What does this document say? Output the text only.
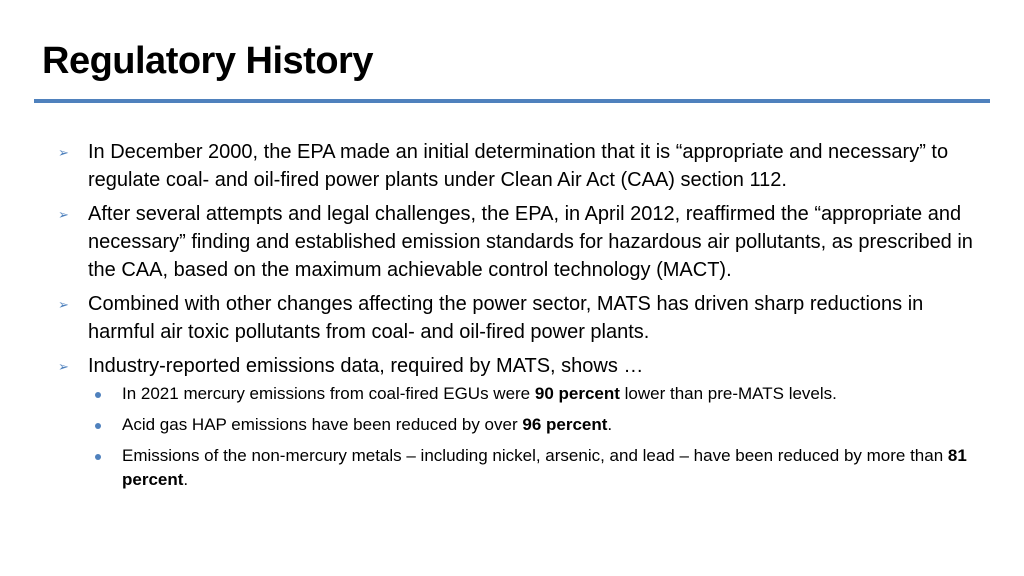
Regulatory History
➢ In December 2000, the EPA made an initial determination that it is “appropriate and necessary” to regulate coal- and oil-fired power plants under Clean Air Act (CAA) section 112.
➢ After several attempts and legal challenges, the EPA, in April 2012, reaffirmed the “appropriate and necessary” finding and established emission standards for hazardous air pollutants, as prescribed in the CAA, based on the maximum achievable control technology (MACT).
➢ Combined with other changes affecting the power sector, MATS has driven sharp reductions in harmful air toxic pollutants from coal- and oil-fired power plants.
➢ Industry-reported emissions data, required by MATS, shows …
In 2021 mercury emissions from coal-fired EGUs were 90 percent lower than pre-MATS levels.
Acid gas HAP emissions have been reduced by over 96 percent.
Emissions of the non-mercury metals – including nickel, arsenic, and lead – have been reduced by more than 81 percent.
